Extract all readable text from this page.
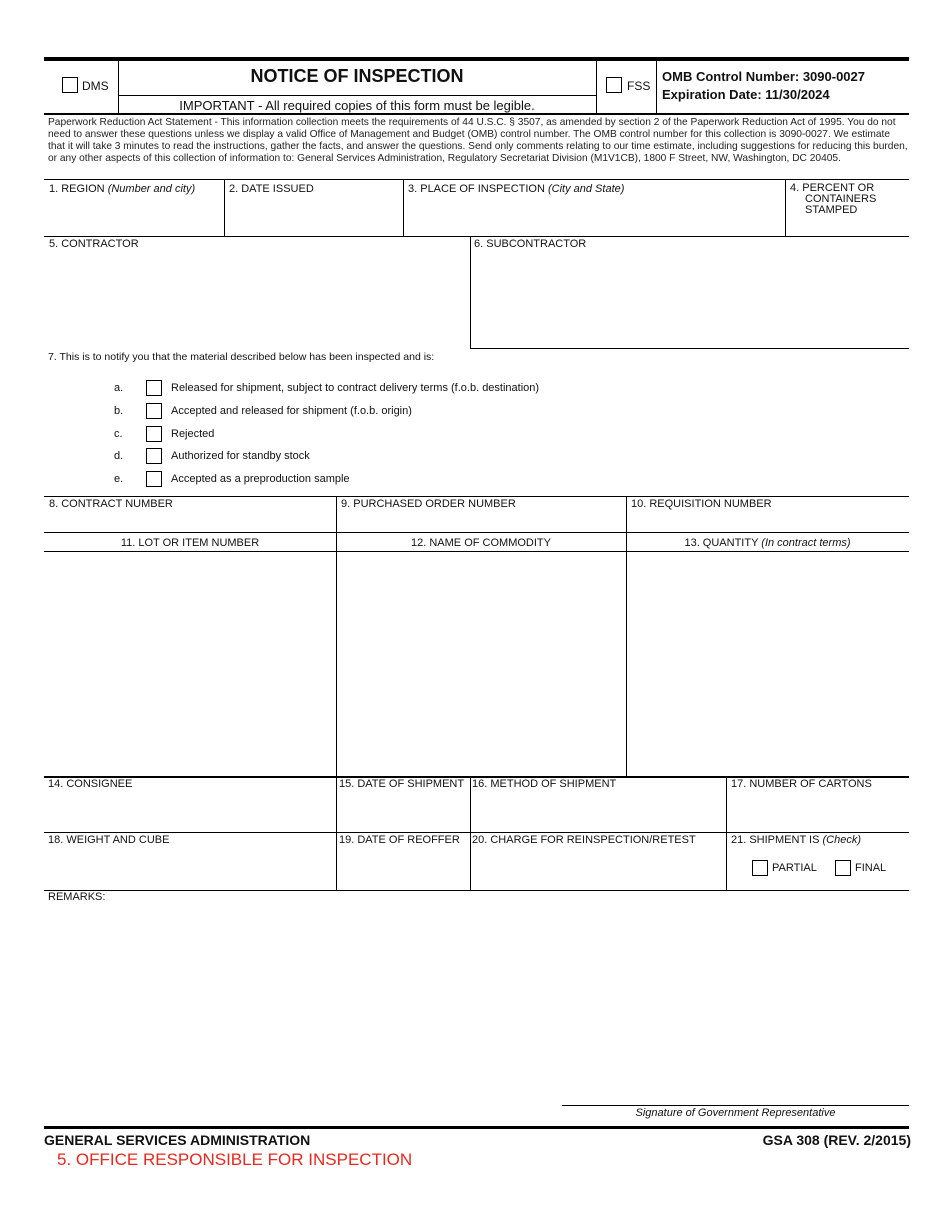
DMS	NOTICE OF INSPECTION
IMPORTANT - All required copies of this form must be legible.
FSS
OMB Control Number: 3090-0027
Expiration Date: 11/30/2024
Paperwork Reduction Act Statement - This information collection meets the requirements of 44 U.S.C. § 3507, as amended by section 2 of the Paperwork Reduction Act of 1995. You do not need to answer these questions unless we display a valid Office of Management and Budget (OMB) control number. The OMB control number for this collection is 3090-0027. We estimate that it will take 3 minutes to read the instructions, gather the facts, and answer the questions. Send only comments relating to our time estimate, including suggestions for reducing this burden, or any other aspects of this collection of information to: General Services Administration, Regulatory Secretariat Division (M1V1CB), 1800 F Street, NW, Washington, DC 20405.
1. REGION (Number and city)	2. DATE ISSUED	3. PLACE OF INSPECTION (City and State)	4. PERCENT OR
CONTAINERS
STAMPED
5. CONTRACTOR	6. SUBCONTRACTOR
7. This is to notify you that the material described below has been inspected and is:
a.	Released for shipment, subject to contract delivery terms (f.o.b. destination)
b.	Accepted and released for shipment (f.o.b. origin)
c.	Rejected
d.	Authorized for standby stock
e.	Accepted as a preproduction sample
8. CONTRACT NUMBER	9. PURCHASED ORDER NUMBER	10. REQUISITION NUMBER
11. LOT OR ITEM NUMBER	12. NAME OF COMMODITY	13. QUANTITY (In contract terms)
14. CONSIGNEE	15. DATE OF SHIPMENT 16. METHOD OF SHIPMENT	17. NUMBER OF CARTONS
18. WEIGHT AND CUBE	19. DATE OF REOFFER 20. CHARGE FOR REINSPECTION/RETEST	21. SHIPMENT IS (Check)
PARTIAL	FINAL
REMARKS:
Signature of Government Representative
GENERAL SERVICES ADMINISTRATION	GSA 308 (REV. 2/2015)
5. OFFICE RESPONSIBLE FOR INSPECTION
